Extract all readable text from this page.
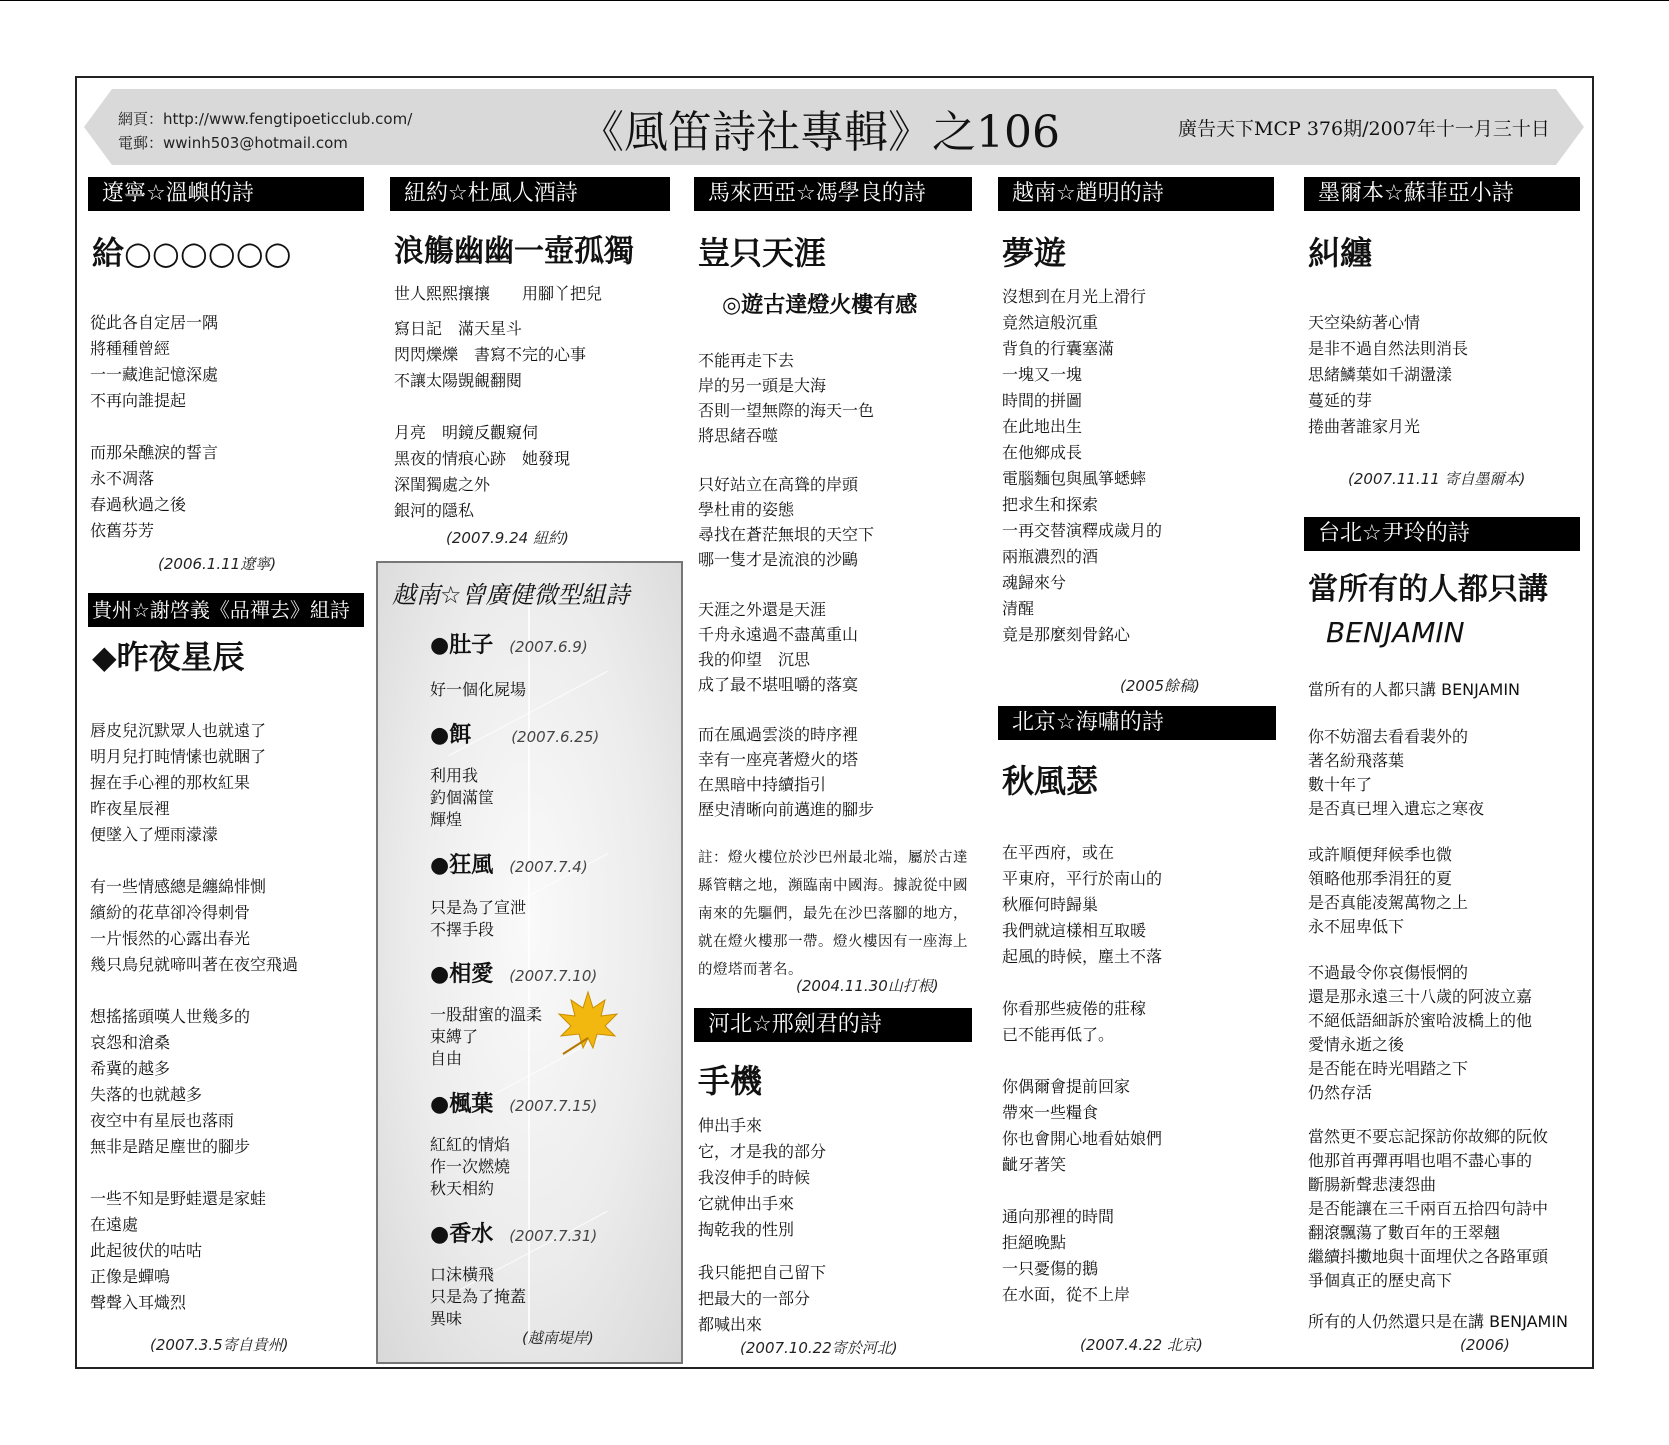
網頁：http://www.fengtipoeticclub.com/
電郵：wwinh503@hotmail.com	《風笛詩社專輯》之106	廣告天下MCP 376期/2007年十一月三十日
遼寧☆溫嶼的詩
給○○○○○○
從此各自定居一隅
將種種曾經
一一藏進記憶深處
不再向誰提起
而那朵醮淚的誓言
永不凋落
春過秋過之後
依舊芬芳
(2006.1.11遼寧)
貴州☆謝啓義《品禪去》組詩
◆昨夜星辰
唇皮兒沉默眾人也就遠了
明月兒打盹情愫也就睏了
握在手心裡的那枚紅果
昨夜星辰裡
便墜入了煙雨濛濛
有一些情感總是纏綿悱惻
繽紛的花草卻冷得刺骨
一片悵然的心露出春光
幾只鳥兒就啼叫著在夜空飛過
想搖搖頭嘆人世幾多的
哀怨和滄桑
希冀的越多
失落的也就越多
夜空中有星辰也落雨
無非是踏足塵世的腳步
一些不知是野蛙還是家蛙
在遠處
此起彼伏的咕咕
正像是蟬鳴
聲聲入耳熾烈
(2007.3.5寄自貴州)
紐約☆杜風人酒詩
浪觴幽幽一壺孤獨
世人熙熙攘攘　　用腳丫把兒
寫日記　滿天星斗
閃閃爍爍　書寫不完的心事
不讓太陽覬覦翻閱
月亮　明鏡反觀窺伺
黑夜的情痕心跡　她發現
深閨獨處之外
銀河的隱私
(2007.9.24 紐約)
越南☆曾廣健微型組詩
●肚子 (2007.6.9)
好一個化屍場
●餌	(2007.6.25)
利用我
釣個滿筐
輝煌
●狂風 (2007.7.4)
只是為了宣泄
不擇手段
●相愛 (2007.7.10)
一股甜蜜的溫柔
束縛了
自由
●楓葉 (2007.7.15)
紅紅的情焰
作一次燃燒
秋天相約
●香水 (2007.7.31)
口沫橫飛
只是為了掩蓋
異味
(越南堤岸)
馬來西亞☆馮學良的詩
豈只天涯
◎遊古達燈火樓有感
不能再走下去
岸的另一頭是大海
否則一望無際的海天一色
將思緒吞噬
只好站立在高聳的岸頭
學杜甫的姿態
尋找在蒼茫無垠的天空下
哪一隻才是流浪的沙鷗
天涯之外還是天涯
千舟永遠過不盡萬重山
我的仰望　沉思
成了最不堪咀嚼的落寞
而在風過雲淡的時序裡
幸有一座亮著燈火的塔
在黑暗中持續指引
歷史清晰向前邁進的腳步
註：燈火樓位於沙巴州最北端，屬於古達縣管轄之地，瀕臨南中國海。據說從中國南來的先驅們，最先在沙巴落腳的地方，就在燈火樓那一帶。燈火樓因有一座海上的燈塔而著名。
(2004.11.30山打根)
河北☆邢劍君的詩
手機
伸出手來
它，才是我的部分
我沒伸手的時候
它就伸出手來
掏乾我的性別
我只能把自己留下
把最大的一部分
都喊出來
(2007.10.22寄於河北)
越南☆趙明的詩
夢遊
沒想到在月光上滑行
竟然這般沉重
背負的行囊塞滿
一塊又一塊
時間的拼圖
在此地出生
在他鄉成長
電腦麵包與風箏蟋蟀
把求生和探索
一再交替演釋成歲月的
兩瓶濃烈的酒
魂歸來兮
清醒
竟是那麼刻骨銘心
(2005餘稿)
北京☆海嘯的詩
秋風瑟
在平西府，或在
平東府，平行於南山的
秋雁何時歸巢
我們就這樣相互取暖
起風的時候，塵土不落
你看那些疲倦的莊稼
已不能再低了。
你偶爾會提前回家
帶來一些糧食
你也會開心地看姑娘們
齜牙著笑
通向那裡的時間
拒絕晚點
一只憂傷的鵝
在水面，從不上岸
(2007.4.22 北京)
墨爾本☆蘇菲亞小詩
糾纏
天空染紡著心情
是非不過自然法則消長
思緒鱗葉如千湖盪漾
蔓延的芽
捲曲著誰家月光
(2007.11.11 寄自墨爾本)
台北☆尹玲的詩
當所有的人都只講
BENJAMIN
當所有的人都只講 BENJAMIN
你不妨溜去看看裴外的
著名紛飛落葉
數十年了
是否真已埋入遺忘之寒夜
或許順便拜候季也微
領略他那季涓狂的夏
是否真能凌駕萬物之上
永不屈卑低下
不過最令你哀傷悵惘的
還是那永遠三十八歲的阿波立嘉
不絕低語細訴於蜜哈波橋上的他
愛情永逝之後
是否能在時光唱踏之下
仍然存活
當然更不要忘記探訪你故鄉的阮攸
他那首再彈再唱也唱不盡心事的
斷腸新聲悲淒怨曲
是否能讓在三千兩百五拾四句詩中
翻滾飄蕩了數百年的王翠翹
繼續抖擻地與十面埋伏之各路軍頭
爭個真正的歷史高下
所有的人仍然還只是在講 BENJAMIN
(2006)
